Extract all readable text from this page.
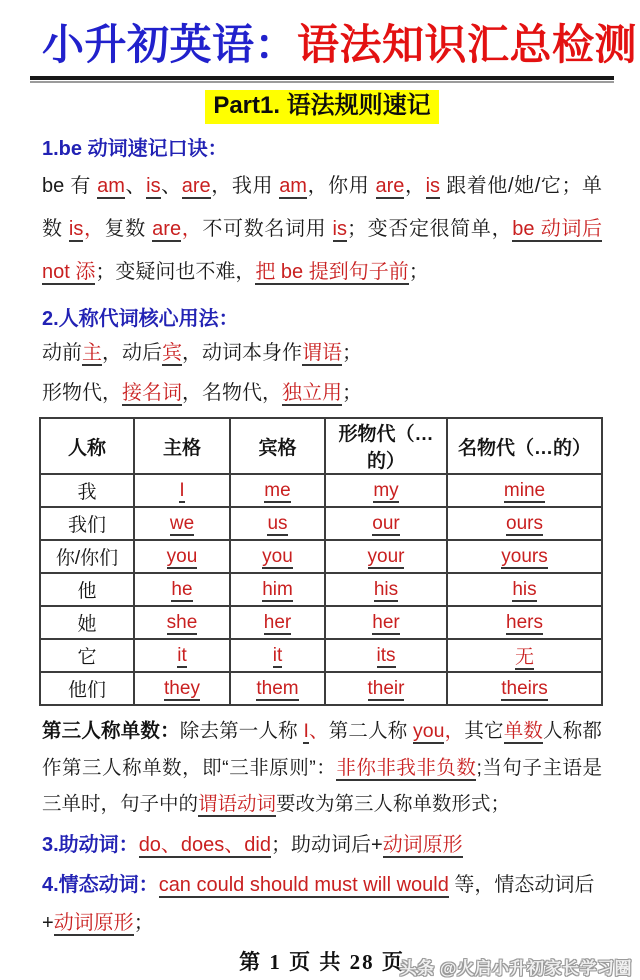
小升初英语：语法知识汇总检测
Part1. 语法规则速记
1.be 动词速记口诀：

be 有 am、is、are，我用 am，你用 are，is 跟着他/她/它；单数 is，复数 are，不可数名词用 is；变否定很简单，be 动词后 not 添；变疑问也不难，把 be 提到句子前；

2.人称代词核心用法：

动前主，动后宾，动词本身作谓语；

形物代，接名词，名物代，独立用；

人称	主格	宾格	形物代（…的）	名物代（…的）
我	I	me	my	mine
我们	we	us	our	ours
你/你们	you	you	your	yours
他	he	him	his	his
她	she	her	her	hers
它	it	it	its	无
他们	they	them	their	theirs

第三人称单数：除去第一人称 I、第二人称 you，其它单数人称都作第三人称单数，即“三非原则”：非你非我非负数;当句子主语是三单时，句子中的谓语动词要改为第三人称单数形式；

3.助动词：do、does、did；助动词后+动词原形

4.情态动词：can could should must will would 等，情态动词后+动词原形；

第 1 页 共 28 页
头条 @火启小升初家长学习圈
